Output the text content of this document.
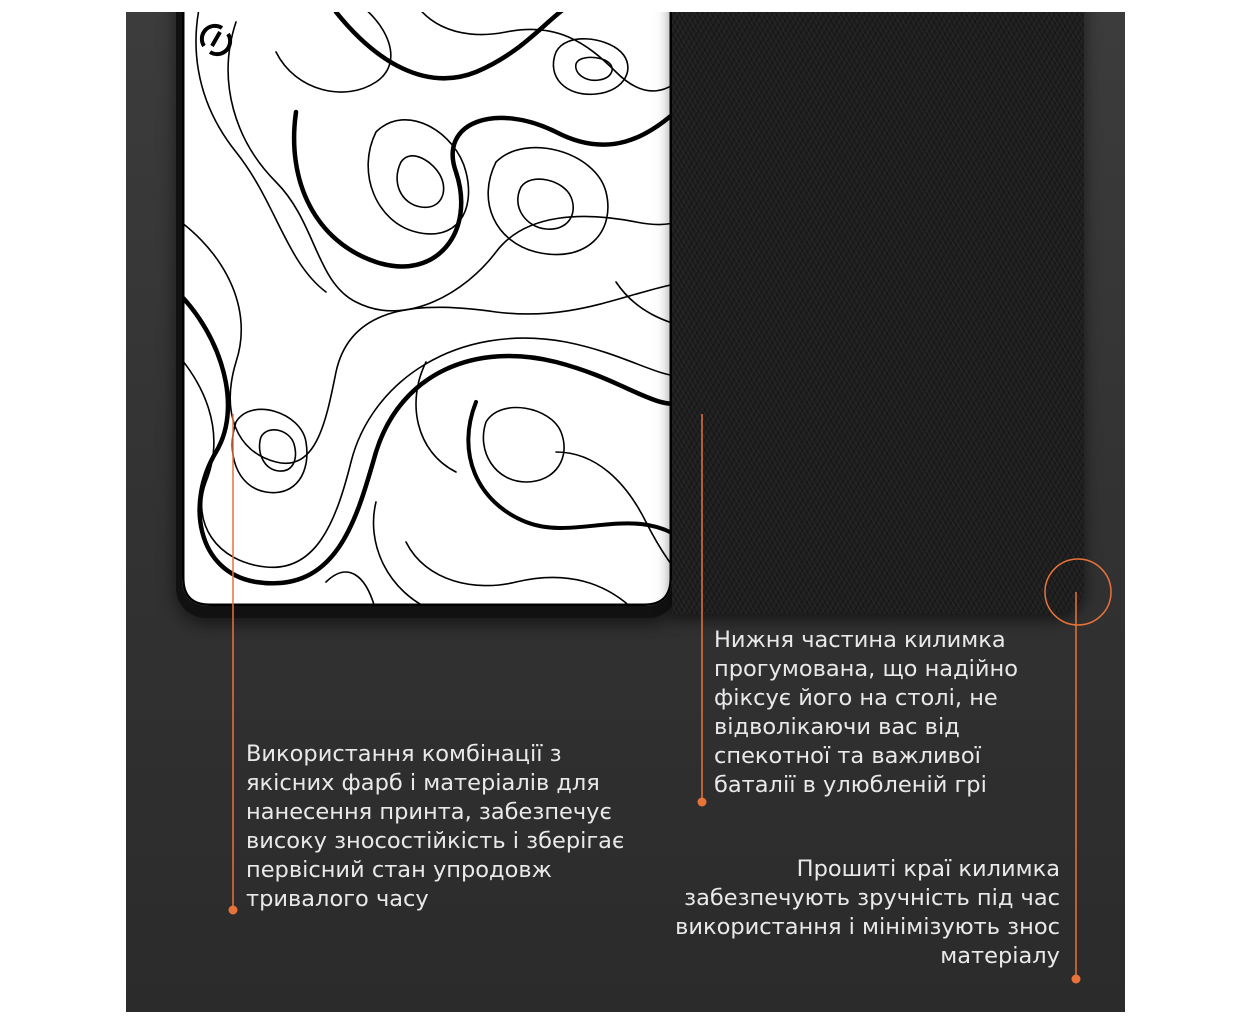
Використання комбінації з
якісних фарб і матеріалів для
нанесення принта, забезпечує
високу зносостійкість і зберігає
первісний стан упродовж
тривалого часу
Нижня частина килимка
прогумована, що надійно
фіксує його на столі, не
відволікаючи вас від
спекотної та важливої
баталії в улюбленій грі
Прошиті краї килимка
забезпечують зручність під час
використання і мінімізують знос
матеріалу
